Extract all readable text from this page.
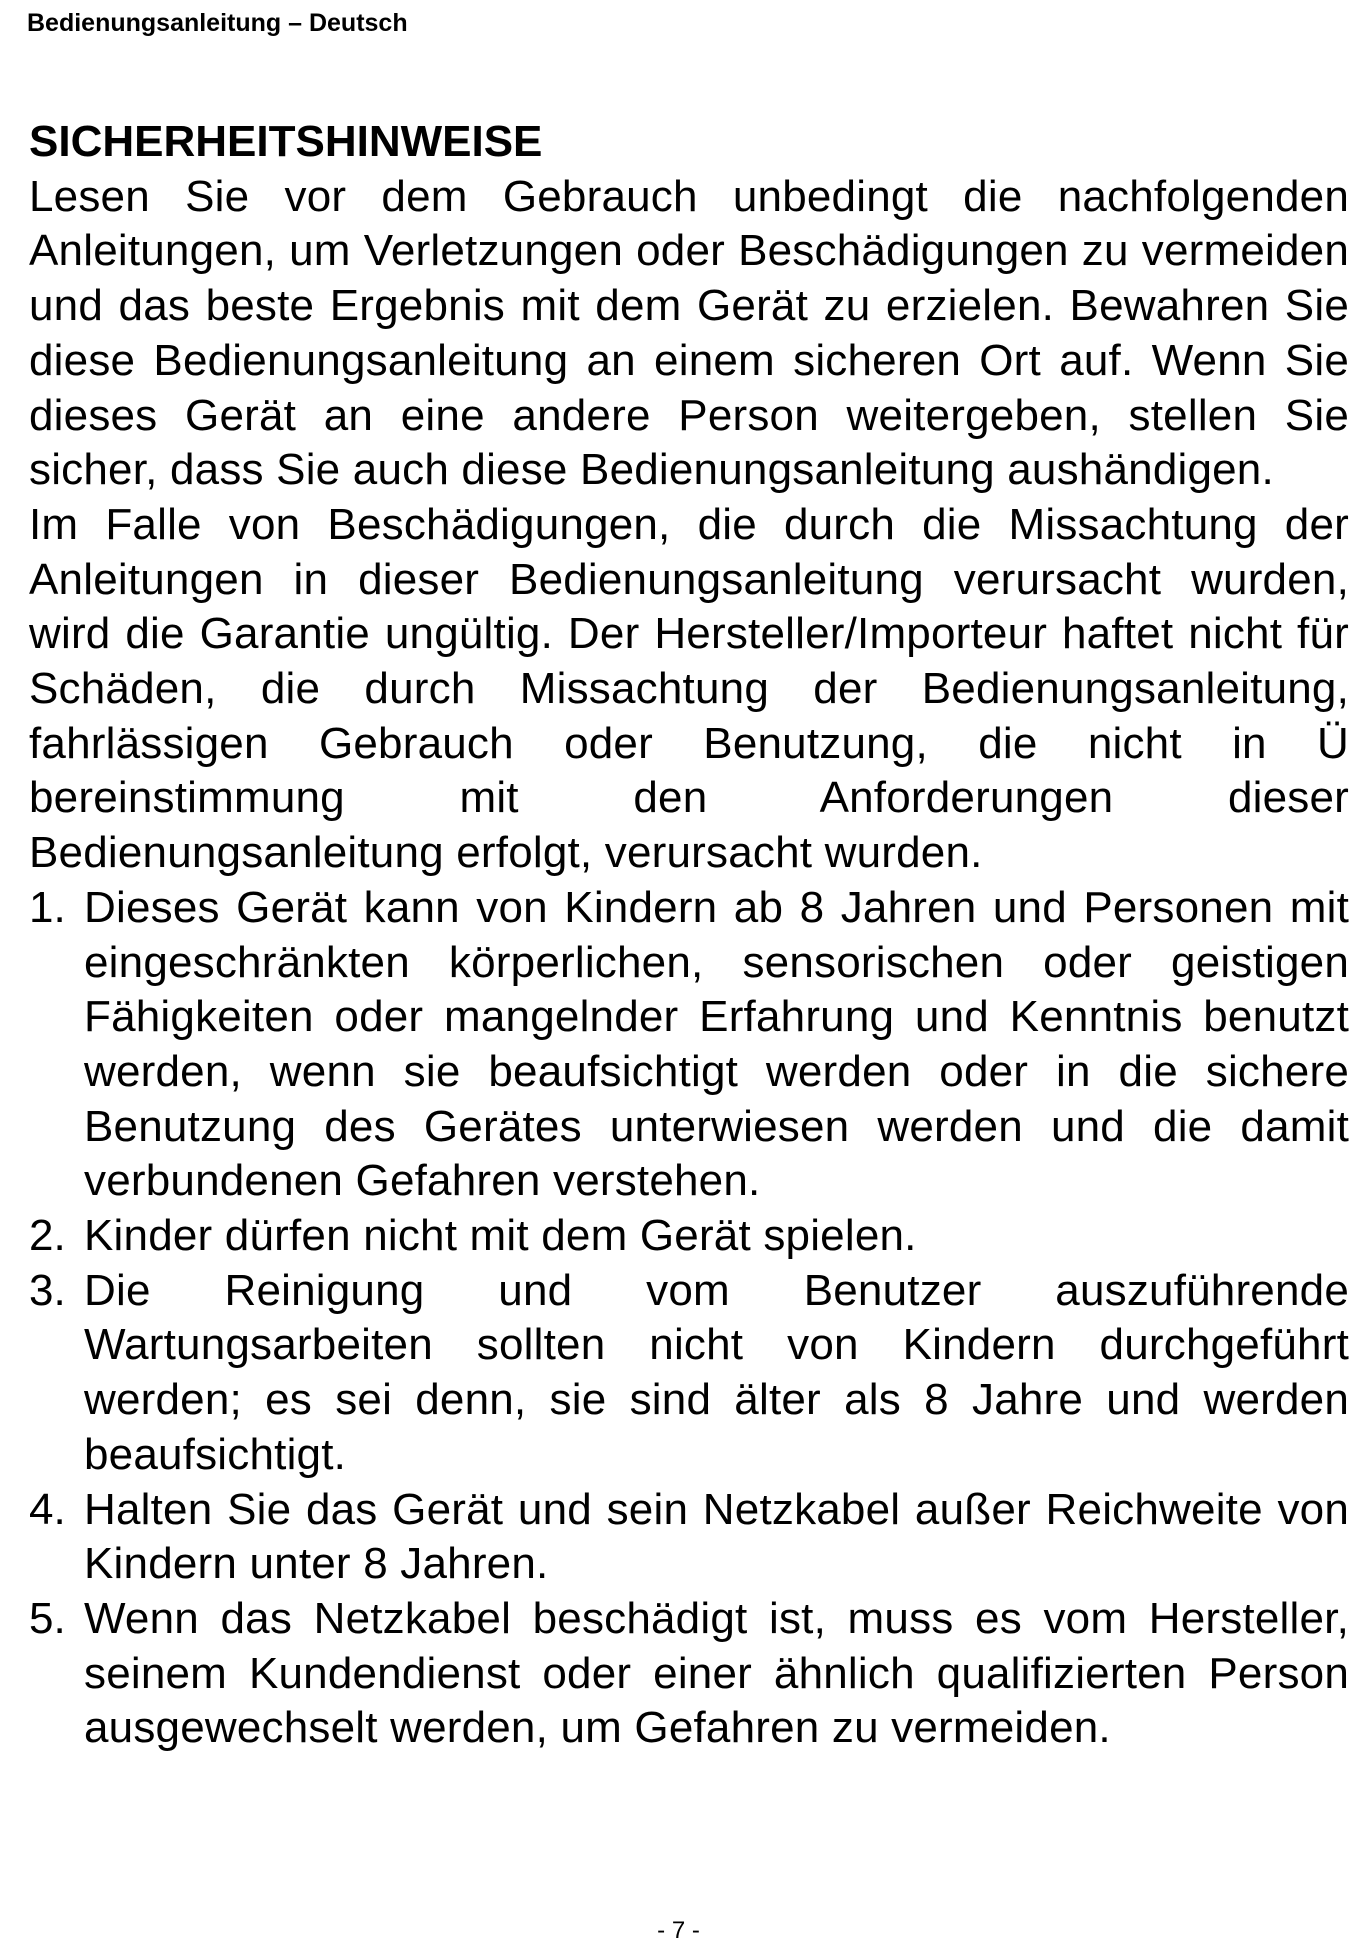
Bedienungsanleitung – Deutsch
SICHERHEITSHINWEISE

Lesen Sie vor dem Gebrauch unbedingt die nachfolgenden Anleitungen, um Verletzungen oder Beschädigungen zu vermeiden und das beste Ergebnis mit dem Gerät zu erzielen. Bewahren Sie diese Bedienungsanleitung an einem sicheren Ort auf. Wenn Sie dieses Gerät an eine andere Person weitergeben, stellen Sie sicher, dass Sie auch diese Bedienungsanleitung aushändigen.

Im Falle von Beschädigungen, die durch die Missachtung der Anleitungen in dieser Bedienungsanleitung verursacht wurden, wird die Garantie ungültig. Der Hersteller/Importeur haftet nicht für Schäden, die durch Missachtung der Bedienungsanleitung, fahrlässigen Gebrauch oder Benutzung, die nicht in Ü bereinstimmung mit den Anforderungen dieser Bedienungsanleitung erfolgt, verursacht wurden.

1. Dieses Gerät kann von Kindern ab 8 Jahren und Personen mit eingeschränkten körperlichen, sensorischen oder geistigen Fähigkeiten oder mangelnder Erfahrung und Kenntnis benutzt werden, wenn sie beaufsichtigt werden oder in die sichere Benutzung des Gerätes unterwiesen werden und die damit verbundenen Gefahren verstehen.
2. Kinder dürfen nicht mit dem Gerät spielen.
3. Die Reinigung und vom Benutzer auszuführende Wartungsarbeiten sollten nicht von Kindern durchgeführt werden; es sei denn, sie sind älter als 8 Jahre und werden beaufsichtigt.
4. Halten Sie das Gerät und sein Netzkabel außer Reichweite von Kindern unter 8 Jahren.
5. Wenn das Netzkabel beschädigt ist, muss es vom Hersteller, seinem Kundendienst oder einer ähnlich qualifizierten Person ausgewechselt werden, um Gefahren zu vermeiden.
- 7 -
